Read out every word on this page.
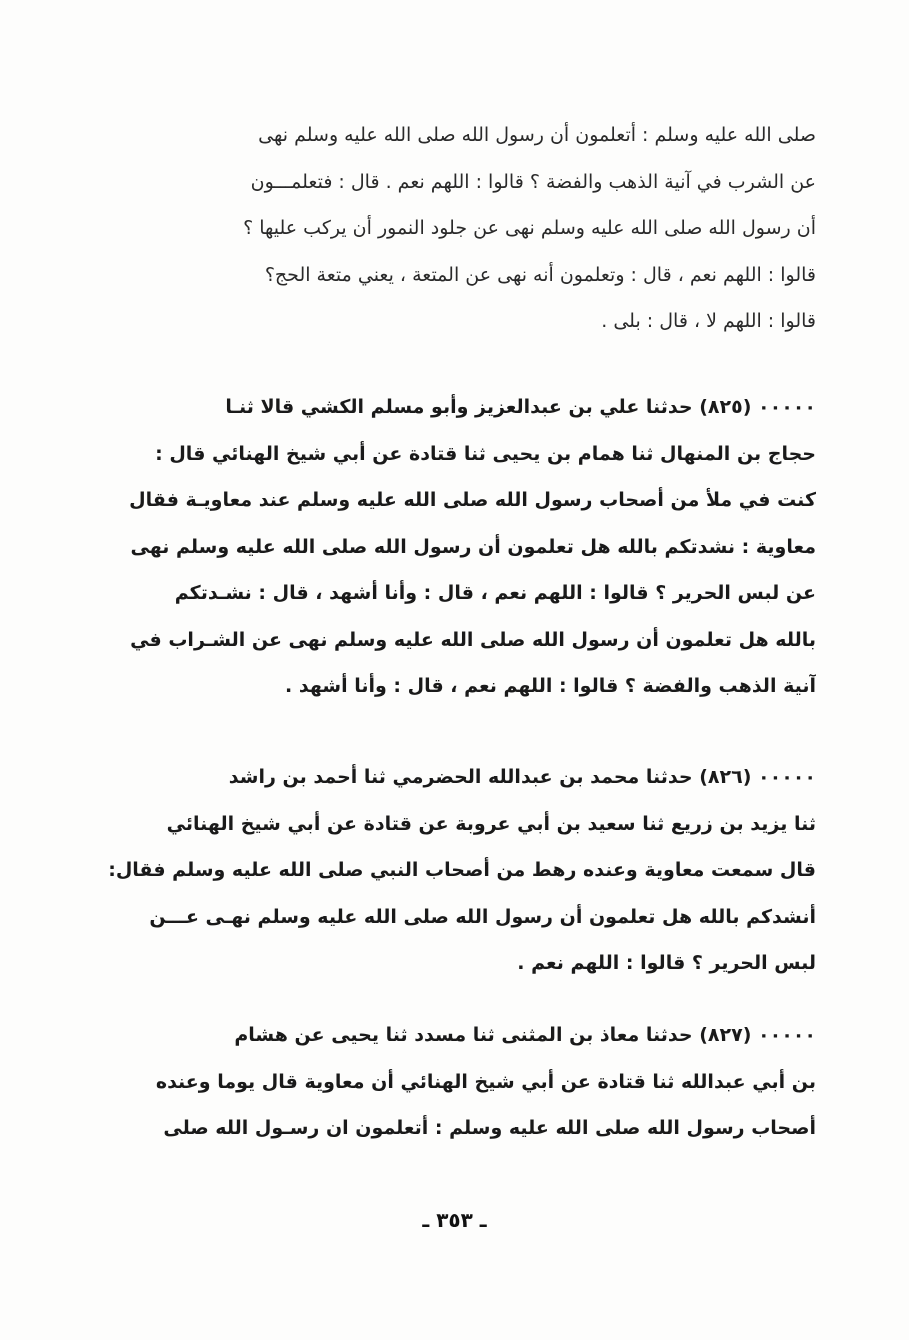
صلى الله عليه وسلم : أتعلمون أن رسول الله صلى الله عليه وسلم نهى
عن الشرب في آنية الذهب والفضة ؟ قالوا : اللهم نعم . قال : فتعلمـــون
أن رسول الله صلى الله عليه وسلم نهى عن جلود النمور أن يركب عليها ؟
قالوا : اللهم نعم ، قال : وتعلمون أنه نهى عن المتعة ، يعني متعة الحج؟
قالوا : اللهم لا ، قال : بلى .
٠٠٠٠٠ (٨٢٥) حدثنا علي بن عبدالعزيز وأبو مسلم الكشي قالا ثنـا
حجاج بن المنهال ثنا همام بن يحيى ثنا قتادة عن أبي شيخ الهنائي قال :
كنت في ملأ من أصحاب رسول الله صلى الله عليه وسلم عند معاويـة فقال
معاوية : نشدتكم بالله هل تعلمون أن رسول الله صلى الله عليه وسلم نهى
عن لبس الحرير ؟ قالوا : اللهم نعم ، قال : وأنا أشهد ، قال : نشـدتكم
بالله هل تعلمون أن رسول الله صلى الله عليه وسلم نهى عن الشـراب في
آنية الذهب والفضة ؟ قالوا : اللهم نعم ، قال : وأنا أشهد .
٠٠٠٠٠ (٨٢٦) حدثنا محمد بن عبدالله الحضرمي ثنا أحمد بن راشد
ثنا يزيد بن زريع ثنا سعيد بن أبي عروبة عن قتادة عن أبي شيخ الهنائي
قال سمعت معاوية وعنده رهط من أصحاب النبي صلى الله عليه وسلم فقال:
أنشدكم بالله هل تعلمون أن رسول الله صلى الله عليه وسلم نهـى عـــن
لبس الحرير ؟ قالوا : اللهم نعم .
٠٠٠٠٠ (٨٢٧) حدثنا معاذ بن المثنى ثنا مسدد ثنا يحيى عن هشام
بن أبي عبدالله ثنا قتادة عن أبي شيخ الهنائي أن معاوية قال يوما وعنده
أصحاب رسول الله صلى الله عليه وسلم : أتعلمون ان رسـول الله صلى
ـ ٣٥٣ ـ
